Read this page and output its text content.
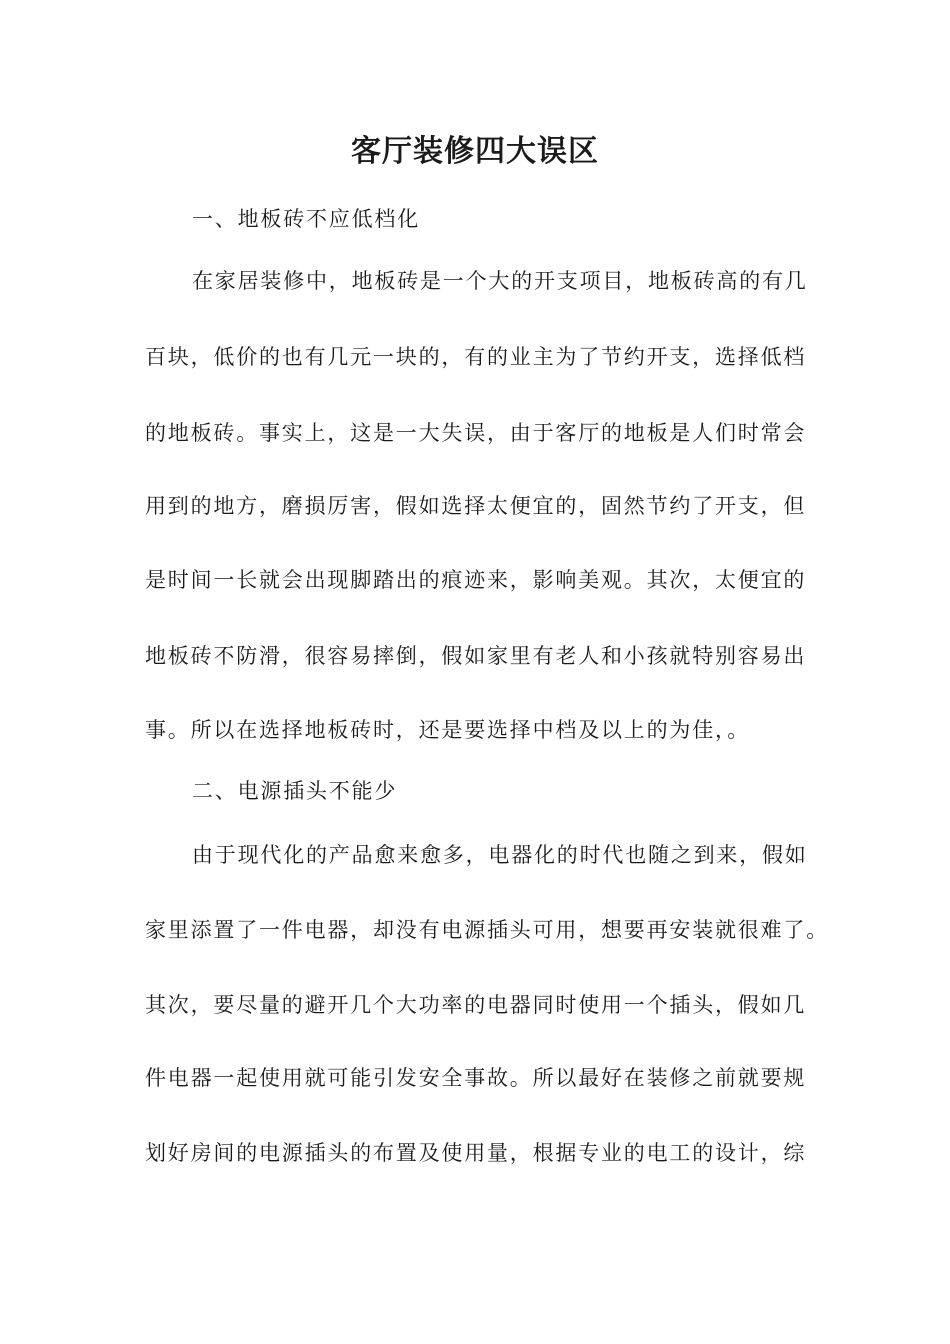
客厅装修四大误区
一、地板砖不应低档化
在家居装修中，地板砖是一个大的开支项目，地板砖高的有几
百块，低价的也有几元一块的，有的业主为了节约开支，选择低档
的地板砖。事实上，这是一大失误，由于客厅的地板是人们时常会
用到的地方，磨损厉害，假如选择太便宜的，固然节约了开支，但
是时间一长就会出现脚踏出的痕迹来，影响美观。其次，太便宜的
地板砖不防滑，很容易摔倒，假如家里有老人和小孩就特别容易出
事。所以在选择地板砖时，还是要选择中档及以上的为佳，。
二、电源插头不能少
由于现代化的产品愈来愈多，电器化的时代也随之到来，假如
家里添置了一件电器，却没有电源插头可用，想要再安装就很难了。
其次，要尽量的避开几个大功率的电器同时使用一个插头，假如几
件电器一起使用就可能引发安全事故。所以最好在装修之前就要规
划好房间的电源插头的布置及使用量，根据专业的电工的设计，综
